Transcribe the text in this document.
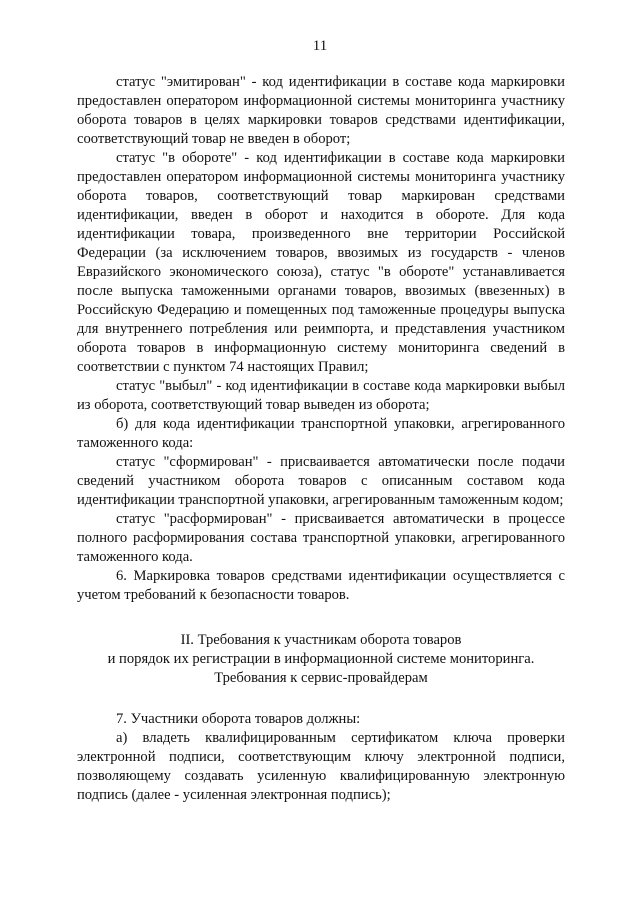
11

статус "эмитирован" - код идентификации в составе кода маркировки предоставлен оператором информационной системы мониторинга участнику оборота товаров в целях маркировки товаров средствами идентификации, соответствующий товар не введен в оборот;

статус "в обороте" - код идентификации в составе кода маркировки предоставлен оператором информационной системы мониторинга участнику оборота товаров, соответствующий товар маркирован средствами идентификации, введен в оборот и находится в обороте. Для кода идентификации товара, произведенного вне территории Российской Федерации (за исключением товаров, ввозимых из государств - членов Евразийского экономического союза), статус "в обороте" устанавливается после выпуска таможенными органами товаров, ввозимых (ввезенных) в Российскую Федерацию и помещенных под таможенные процедуры выпуска для внутреннего потребления или реимпорта, и представления участником оборота товаров в информационную систему мониторинга сведений в соответствии с пунктом 74 настоящих Правил;

статус "выбыл" - код идентификации в составе кода маркировки выбыл из оборота, соответствующий товар выведен из оборота;

б) для кода идентификации транспортной упаковки, агрегированного таможенного кода:

статус "сформирован" - присваивается автоматически после подачи сведений участником оборота товаров с описанным составом кода идентификации транспортной упаковки, агрегированным таможенным кодом;

статус "расформирован" - присваивается автоматически в процессе полного расформирования состава транспортной упаковки, агрегированного таможенного кода.

6. Маркировка товаров средствами идентификации осуществляется с учетом требований к безопасности товаров.

II. Требования к участникам оборота товаров
и порядок их регистрации в информационной системе мониторинга.
Требования к сервис-провайдерам

7. Участники оборота товаров должны:

а) владеть квалифицированным сертификатом ключа проверки электронной подписи, соответствующим ключу электронной подписи, позволяющему создавать усиленную квалифицированную электронную подпись (далее - усиленная электронная подпись);
